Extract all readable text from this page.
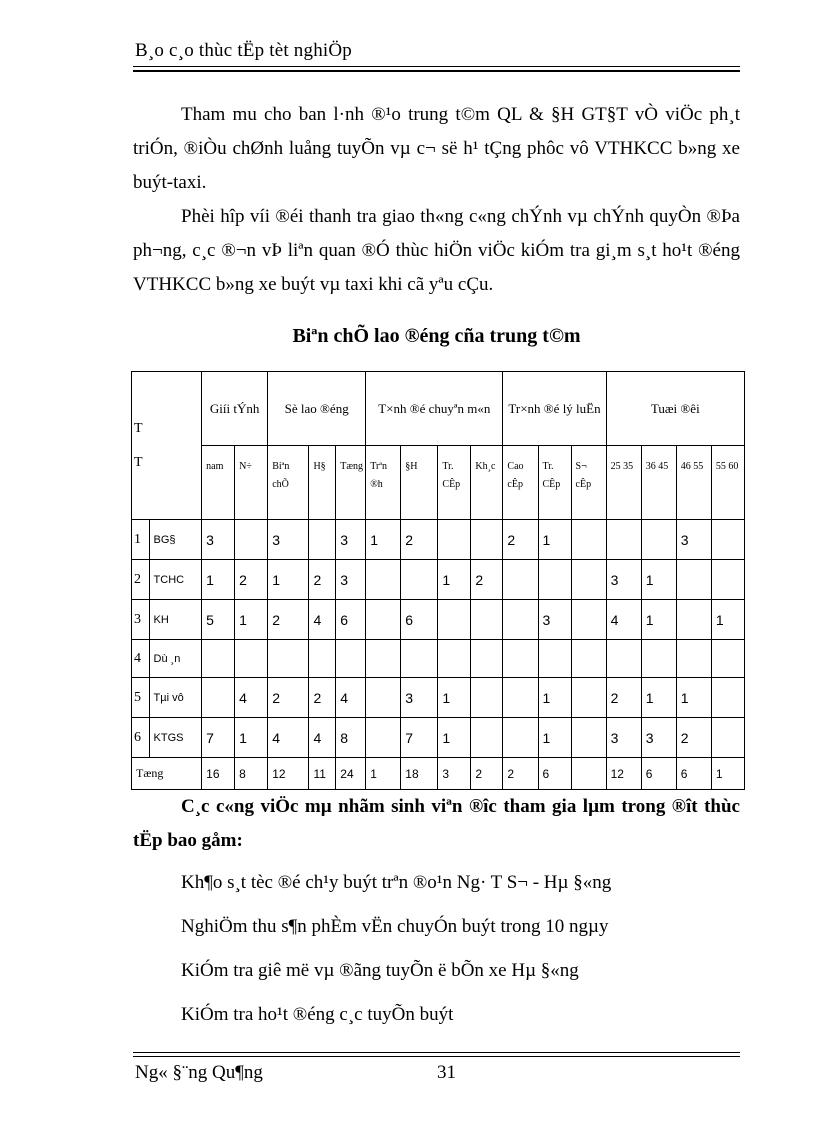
B¸o c¸o thùc tËp tèt nghiÖp

Tham mu cho ban l·nh ®¹o trung t©m QL & §H GT§T vÒ viÖc ph¸t triÓn, ®iÒu chØnh luång tuyÕn vµ c¬ së h¹ tÇng phôc vô VTHKCC b»ng xe buýt-taxi.

Phèi hîp víi ®éi thanh tra giao th«ng c«ng chÝnh vµ chÝnh quyÒn ®Þa ph¬ng, c¸c ®¬n vÞ liªn quan ®Ó thùc hiÖn viÖc kiÓm tra gi¸m s¸t ho¹t ®éng VTHKCC b»ng xe buýt vµ taxi khi cã yªu cÇu.

Biªn chÕ lao ®éng cña trung t©m
T T		Giíi tÝnh		Sè lao ®éng			T×nh ®é chuyªn m«n				Tr×nh ®é lý luËn			Tuæi ®êi			
		nam	N÷	Biªn chÕ	H§	Tæng	Trªn ®h	§H	Tr. CÊp	Kh¸c	Cao cÊp	Tr. CÊp	S¬ cÊp	25 35	36 45	46 55	55 60
1	BG§	3		3		3	1	2			2	1				3	
2	TCHC	1	2	1	2	3			1	2				3	1		
3	KH	5	1	2	4	6		6				3		4	1		1
4	Dù ¸n																
5	Tµi vô		4	2	2	4		3	1			1		2	1	1	
6	KTGS	7	1	4	4	8		7	1			1		3	3	2	
Tæng		16	8	12	11	24	1	18	3	2	2	6		12	6	6	1

C¸c c«ng viÖc mµ nhãm sinh viªn ®îc tham gia lµm trong ®ît thùc tËp bao gåm:

Kh¶o s¸t tèc ®é ch¹y buýt trªn ®o¹n Ng· T S¬ - Hµ §«ng
NghiÖm thu s¶n phÈm vËn chuyÓn buýt trong 10 ngµy
KiÓm tra giê më vµ ®ãng tuyÕn ë bÕn xe Hµ §«ng
KiÓm tra ho¹t ®éng c¸c tuyÕn buýt
Ng« §¨ng Qu¶ng	31
